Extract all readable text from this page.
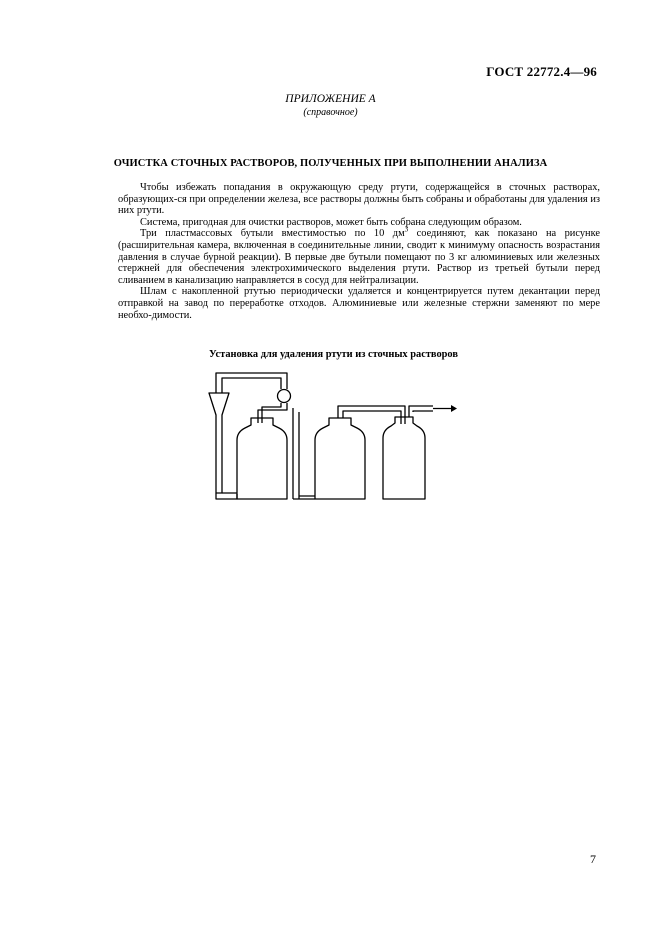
ГОСТ 22772.4—96
ПРИЛОЖЕНИЕ А
(справочное)
ОЧИСТКА СТОЧНЫХ РАСТВОРОВ, ПОЛУЧЕННЫХ ПРИ ВЫПОЛНЕНИИ АНАЛИЗА

Чтобы избежать попадания в окружающую среду ртути, содержащейся в сточных растворах, образующих-ся при определении железа, все растворы должны быть собраны и обработаны для удаления из них ртути.

Система, пригодная для очистки растворов, может быть собрана следующим образом.

Три пластмассовых бутыли вместимостью по 10 $дм^3$ соединяют, как показано на рисунке (расширительная камера, включенная в соединительные линии, сводит к минимуму опасность возрастания давления в случае бурной реакции). В первые две бутыли помещают по 3 кг алюминиевых или железных стержней для обеспечения электрохимического выделения ртути. Раствор из третьей бутыли перед сливанием в канализацию направляется в сосуд для нейтрализации.

Шлам с накопленной ртутью периодически удаляется и концентрируется путем декантации перед отправкой на завод по переработке отходов. Алюминиевые или железные стержни заменяют по мере необхо-димости.

Установка для удаления ртути из сточных растворов
7
